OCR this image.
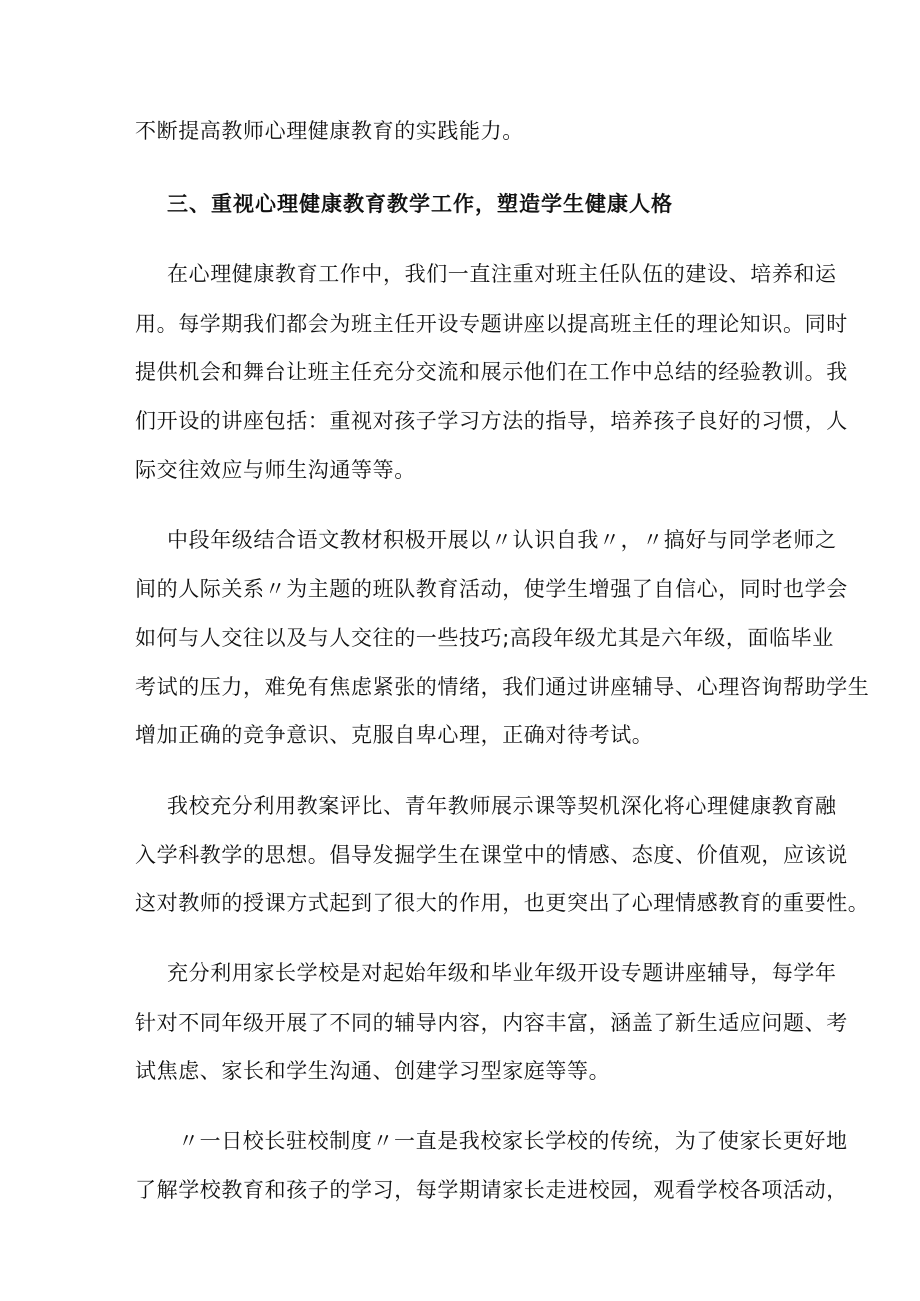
不断提高教师心理健康教育的实践能力。
三、重视心理健康教育教学工作，塑造学生健康人格
在心理健康教育工作中，我们一直注重对班主任队伍的建设、培养和运
用。每学期我们都会为班主任开设专题讲座以提高班主任的理论知识。同时
提供机会和舞台让班主任充分交流和展示他们在工作中总结的经验教训。我
们开设的讲座包括：重视对孩子学习方法的指导，培养孩子良好的习惯，人
际交往效应与师生沟通等等。
中段年级结合语文教材积极开展以〃认识自我〃，〃搞好与同学老师之
间的人际关系〃为主题的班队教育活动，使学生增强了自信心，同时也学会
如何与人交往以及与人交往的一些技巧;高段年级尤其是六年级，面临毕业
考试的压力，难免有焦虑紧张的情绪，我们通过讲座辅导、心理咨询帮助学生
增加正确的竞争意识、克服自卑心理，正确对待考试。
我校充分利用教案评比、青年教师展示课等契机深化将心理健康教育融
入学科教学的思想。倡导发掘学生在课堂中的情感、态度、价值观，应该说
这对教师的授课方式起到了很大的作用，也更突出了心理情感教育的重要性。
充分利用家长学校是对起始年级和毕业年级开设专题讲座辅导，每学年
针对不同年级开展了不同的辅导内容，内容丰富，涵盖了新生适应问题、考
试焦虑、家长和学生沟通、创建学习型家庭等等。
〃一日校长驻校制度〃一直是我校家长学校的传统，为了使家长更好地
了解学校教育和孩子的学习，每学期请家长走进校园，观看学校各项活动，
